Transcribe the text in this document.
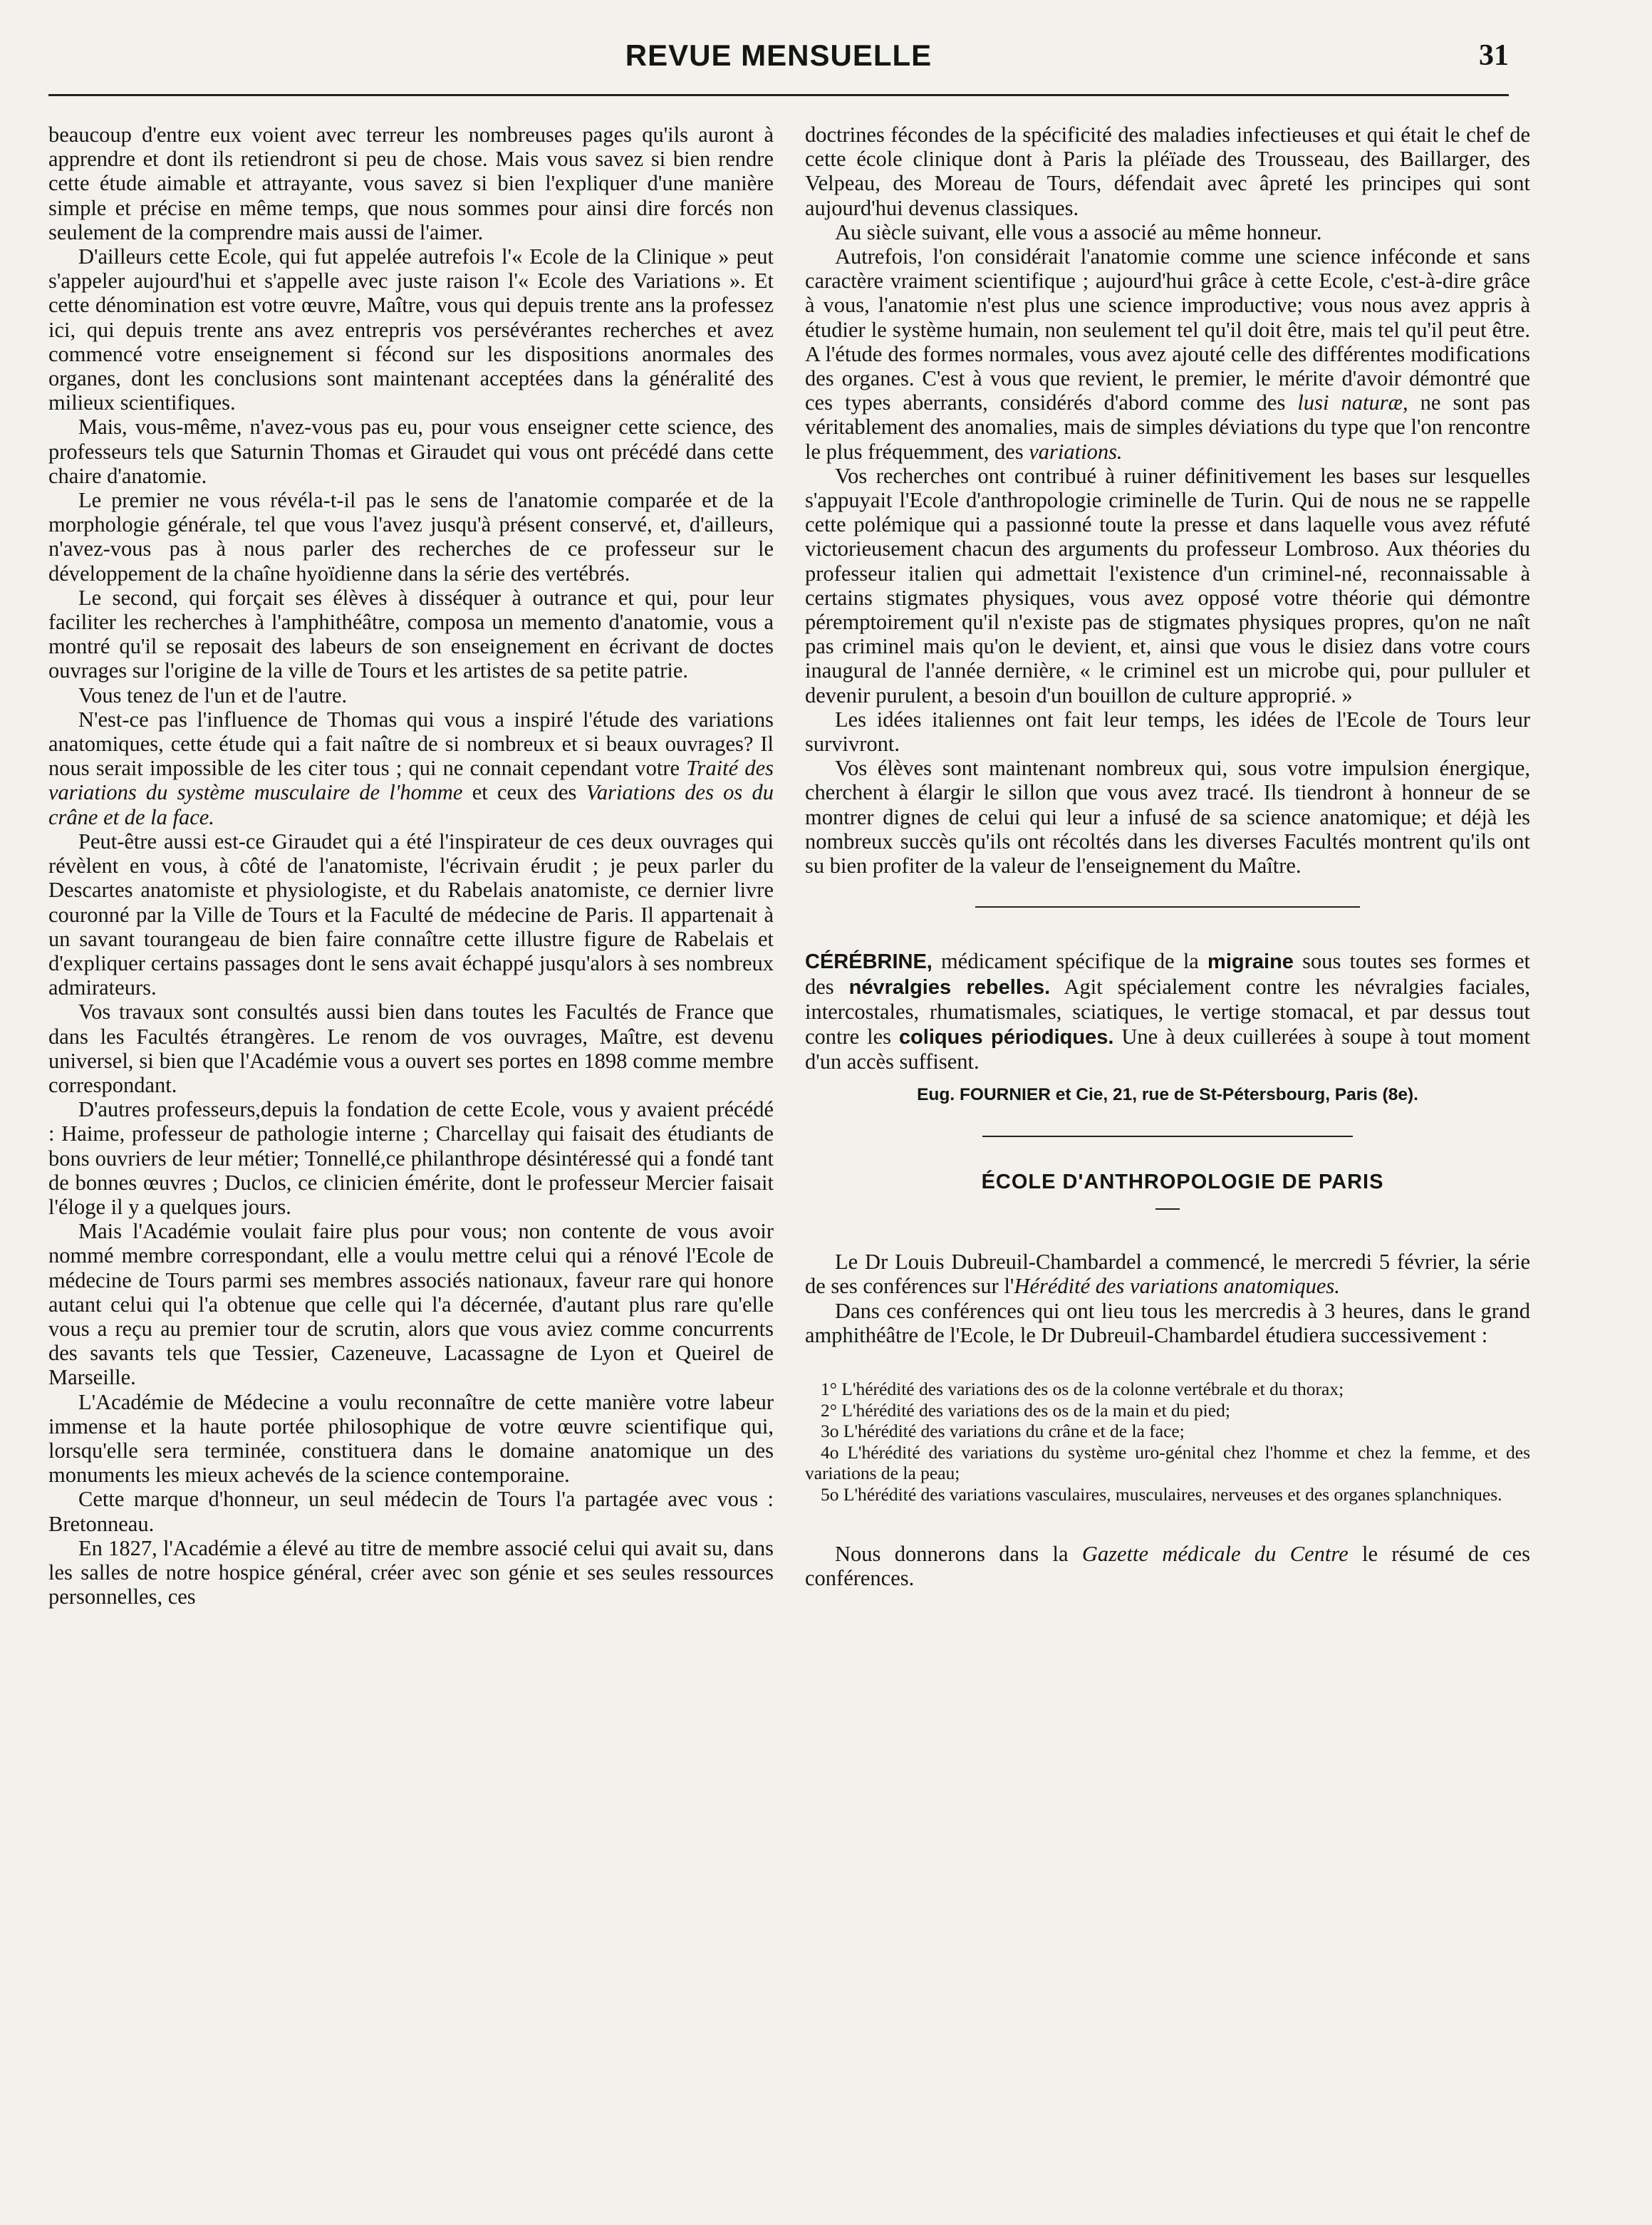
REVUE MENSUELLE	31

beaucoup d'entre eux voient avec terreur les nombreuses pages qu'ils auront à apprendre et dont ils retiendront si peu de chose. Mais vous savez si bien rendre cette étude aimable et attrayante, vous savez si bien l'expliquer d'une manière simple et précise en même temps, que nous sommes pour ainsi dire forcés non seulement de la comprendre mais aussi de l'aimer.

D'ailleurs cette Ecole, qui fut appelée autrefois l'« Ecole de la Clinique » peut s'appeler aujourd'hui et s'appelle avec juste raison l'« Ecole des Variations ». Et cette dénomination est votre œuvre, Maître, vous qui depuis trente ans la professez ici, qui depuis trente ans avez entrepris vos persévérantes recherches et avez commencé votre enseignement si fécond sur les dispositions anormales des organes, dont les conclusions sont maintenant acceptées dans la généralité des milieux scientifiques.

Mais, vous-même, n'avez-vous pas eu, pour vous enseigner cette science, des professeurs tels que Saturnin Thomas et Giraudet qui vous ont précédé dans cette chaire d'anatomie.

Le premier ne vous révéla-t-il pas le sens de l'anatomie comparée et de la morphologie générale, tel que vous l'avez jusqu'à présent conservé, et, d'ailleurs, n'avez-vous pas à nous parler des recherches de ce professeur sur le développement de la chaîne hyoïdienne dans la série des vertébrés.

Le second, qui forçait ses élèves à disséquer à outrance et qui, pour leur faciliter les recherches à l'amphithéâtre, composa un memento d'anatomie, vous a montré qu'il se reposait des labeurs de son enseignement en écrivant de doctes ouvrages sur l'origine de la ville de Tours et les artistes de sa petite patrie.

Vous tenez de l'un et de l'autre.

N'est-ce pas l'influence de Thomas qui vous a inspiré l'étude des variations anatomiques, cette étude qui a fait naître de si nombreux et si beaux ouvrages? Il nous serait impossible de les citer tous ; qui ne connait cependant votre Traité des variations du système musculaire de l'homme et ceux des Variations des os du crâne et de la face.

Peut-être aussi est-ce Giraudet qui a été l'inspirateur de ces deux ouvrages qui révèlent en vous, à côté de l'anatomiste, l'écrivain érudit ; je peux parler du Descartes anatomiste et physiologiste, et du Rabelais anatomiste, ce dernier livre couronné par la Ville de Tours et la Faculté de médecine de Paris. Il appartenait à un savant tourangeau de bien faire connaître cette illustre figure de Rabelais et d'expliquer certains passages dont le sens avait échappé jusqu'alors à ses nombreux admirateurs.

Vos travaux sont consultés aussi bien dans toutes les Facultés de France que dans les Facultés étrangères. Le renom de vos ouvrages, Maître, est devenu universel, si bien que l'Académie vous a ouvert ses portes en 1898 comme membre correspondant.

D'autres professeurs,depuis la fondation de cette Ecole, vous y avaient précédé : Haime, professeur de pathologie interne ; Charcellay qui faisait des étudiants de bons ouvriers de leur métier; Tonnellé,ce philanthrope désintéressé qui a fondé tant de bonnes œuvres ; Duclos, ce clinicien émérite, dont le professeur Mercier faisait l'éloge il y a quelques jours.

Mais l'Académie voulait faire plus pour vous; non contente de vous avoir nommé membre correspondant, elle a voulu mettre celui qui a rénové l'Ecole de médecine de Tours parmi ses membres associés nationaux, faveur rare qui honore autant celui qui l'a obtenue que celle qui l'a décernée, d'autant plus rare qu'elle vous a reçu au premier tour de scrutin, alors que vous aviez comme concurrents des savants tels que Tessier, Cazeneuve, Lacassagne de Lyon et Queirel de Marseille.

L'Académie de Médecine a voulu reconnaître de cette manière votre labeur immense et la haute portée philosophique de votre œuvre scientifique qui, lorsqu'elle sera terminée, constituera dans le domaine anatomique un des monuments les mieux achevés de la science contemporaine.

Cette marque d'honneur, un seul médecin de Tours l'a partagée avec vous : Bretonneau.

En 1827, l'Académie a élevé au titre de membre associé celui qui avait su, dans les salles de notre hospice général, créer avec son génie et ses seules ressources personnelles, ces

doctrines fécondes de la spécificité des maladies infectieuses et qui était le chef de cette école clinique dont à Paris la pléïade des Trousseau, des Baillarger, des Velpeau, des Moreau de Tours, défendait avec âpreté les principes qui sont aujourd'hui devenus classiques.

Au siècle suivant, elle vous a associé au même honneur.

Autrefois, l'on considérait l'anatomie comme une science inféconde et sans caractère vraiment scientifique ; aujourd'hui grâce à cette Ecole, c'est-à-dire grâce à vous, l'anatomie n'est plus une science improductive; vous nous avez appris à étudier le système humain, non seulement tel qu'il doit être, mais tel qu'il peut être. A l'étude des formes normales, vous avez ajouté celle des différentes modifications des organes. C'est à vous que revient, le premier, le mérite d'avoir démontré que ces types aberrants, considérés d'abord comme des lusi naturæ, ne sont pas véritablement des anomalies, mais de simples déviations du type que l'on rencontre le plus fréquemment, des variations.

Vos recherches ont contribué à ruiner définitivement les bases sur lesquelles s'appuyait l'Ecole d'anthropologie criminelle de Turin. Qui de nous ne se rappelle cette polémique qui a passionné toute la presse et dans laquelle vous avez réfuté victorieusement chacun des arguments du professeur Lombroso. Aux théories du professeur italien qui admettait l'existence d'un criminel-né, reconnaissable à certains stigmates physiques, vous avez opposé votre théorie qui démontre péremptoirement qu'il n'existe pas de stigmates physiques propres, qu'on ne naît pas criminel mais qu'on le devient, et, ainsi que vous le disiez dans votre cours inaugural de l'année dernière, « le criminel est un microbe qui, pour pulluler et devenir purulent, a besoin d'un bouillon de culture approprié. »

Les idées italiennes ont fait leur temps, les idées de l'Ecole de Tours leur survivront.

Vos élèves sont maintenant nombreux qui, sous votre impulsion énergique, cherchent à élargir le sillon que vous avez tracé. Ils tiendront à honneur de se montrer dignes de celui qui leur a infusé de sa science anatomique; et déjà les nombreux succès qu'ils ont récoltés dans les diverses Facultés montrent qu'ils ont su bien profiter de la valeur de l'enseignement du Maître.

CÉRÉBRINE, médicament spécifique de la migraine sous toutes ses formes et des névralgies rebelles. Agit spécialement contre les névralgies faciales, intercostales, rhumatismales, sciatiques, le vertige stomacal, et par dessus tout contre les coliques périodiques. Une à deux cuillerées à soupe à tout moment d'un accès suffisent.

Eug. FOURNIER et Cie, 21, rue de St-Pétersbourg, Paris (8e).

ÉCOLE D'ANTHROPOLOGIE DE PARIS

Le Dr Louis Dubreuil-Chambardel a commencé, le mercredi 5 février, la série de ses conférences sur l'Hérédité des variations anatomiques.

Dans ces conférences qui ont lieu tous les mercredis à 3 heures, dans le grand amphithéâtre de l'Ecole, le Dr Dubreuil-Chambardel étudiera successivement :

1° L'hérédité des variations des os de la colonne vertébrale et du thorax;
2° L'hérédité des variations des os de la main et du pied;
3o L'hérédité des variations du crâne et de la face;
4o L'hérédité des variations du système uro-génital chez l'homme et chez la femme, et des variations de la peau;
5o L'hérédité des variations vasculaires, musculaires, nerveuses et des organes splanchniques.

Nous donnerons dans la Gazette médicale du Centre le résumé de ces conférences.
